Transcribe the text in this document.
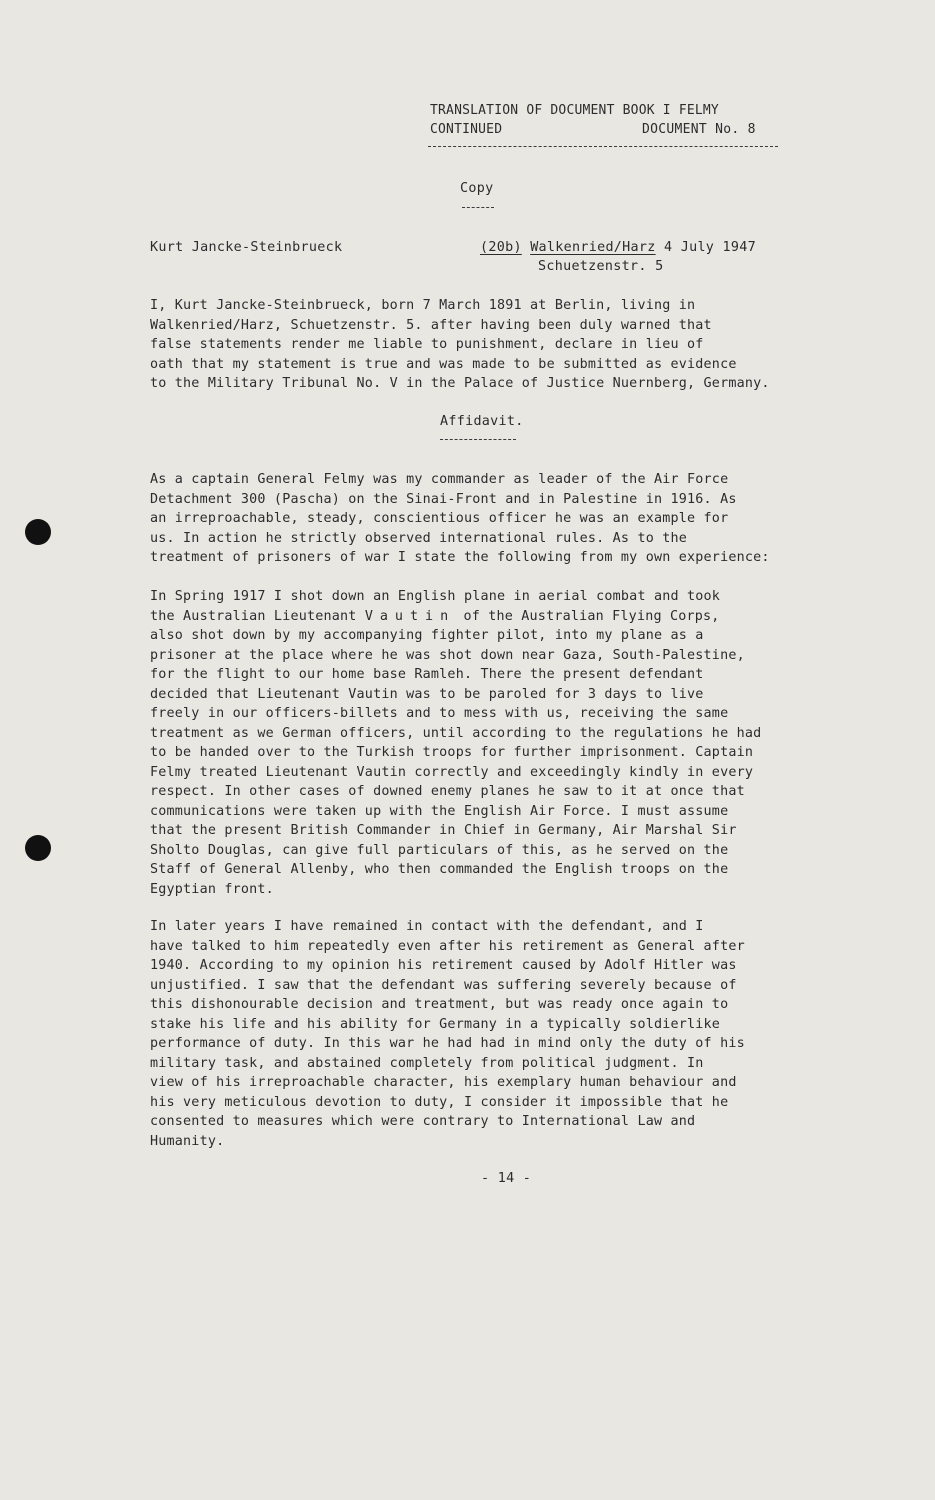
TRANSLATION OF DOCUMENT BOOK I FELMY
CONTINUED	DOCUMENT No. 8
Copy
Kurt Jancke-Steinbrueck	(20b) Walkenried/Harz 4 July 1947
Schuetzenstr. 5
I, Kurt Jancke-Steinbrueck, born 7 March 1891 at Berlin, living in
Walkenried/Harz, Schuetzenstr. 5. after having been duly warned that
false statements render me liable to punishment, declare in lieu of
oath that my statement is true and was made to be submitted as evidence
to the Military Tribunal No. V in the Palace of Justice Nuernberg, Germany.
Affidavit.
As a captain General Felmy was my commander as leader of the Air Force
Detachment 300 (Pascha) on the Sinai-Front and in Palestine in 1916. As
an irreproachable, steady, conscientious officer he was an example for
us. In action he strictly observed international rules. As to the
treatment of prisoners of war I state the following from my own experience:
In Spring 1917 I shot down an English plane in aerial combat and took
the Australian Lieutenant Vautin of the Australian Flying Corps,
also shot down by my accompanying fighter pilot, into my plane as a
prisoner at the place where he was shot down near Gaza, South-Palestine,
for the flight to our home base Ramleh. There the present defendant
decided that Lieutenant Vautin was to be paroled for 3 days to live
freely in our officers-billets and to mess with us, receiving the same
treatment as we German officers, until according to the regulations he had
to be handed over to the Turkish troops for further imprisonment. Captain
Felmy treated Lieutenant Vautin correctly and exceedingly kindly in every
respect. In other cases of downed enemy planes he saw to it at once that
communications were taken up with the English Air Force. I must assume
that the present British Commander in Chief in Germany, Air Marshal Sir
Sholto Douglas, can give full particulars of this, as he served on the
Staff of General Allenby, who then commanded the English troops on the
Egyptian front.
In later years I have remained in contact with the defendant, and I
have talked to him repeatedly even after his retirement as General after
1940. According to my opinion his retirement caused by Adolf Hitler was
unjustified. I saw that the defendant was suffering severely because of
this dishonourable decision and treatment, but was ready once again to
stake his life and his ability for Germany in a typically soldierlike
performance of duty. In this war he had had in mind only the duty of his
military task, and abstained completely from political judgment. In
view of his irreproachable character, his exemplary human behaviour and
his very meticulous devotion to duty, I consider it impossible that he
consented to measures which were contrary to International Law and
Humanity.
- 14 -
